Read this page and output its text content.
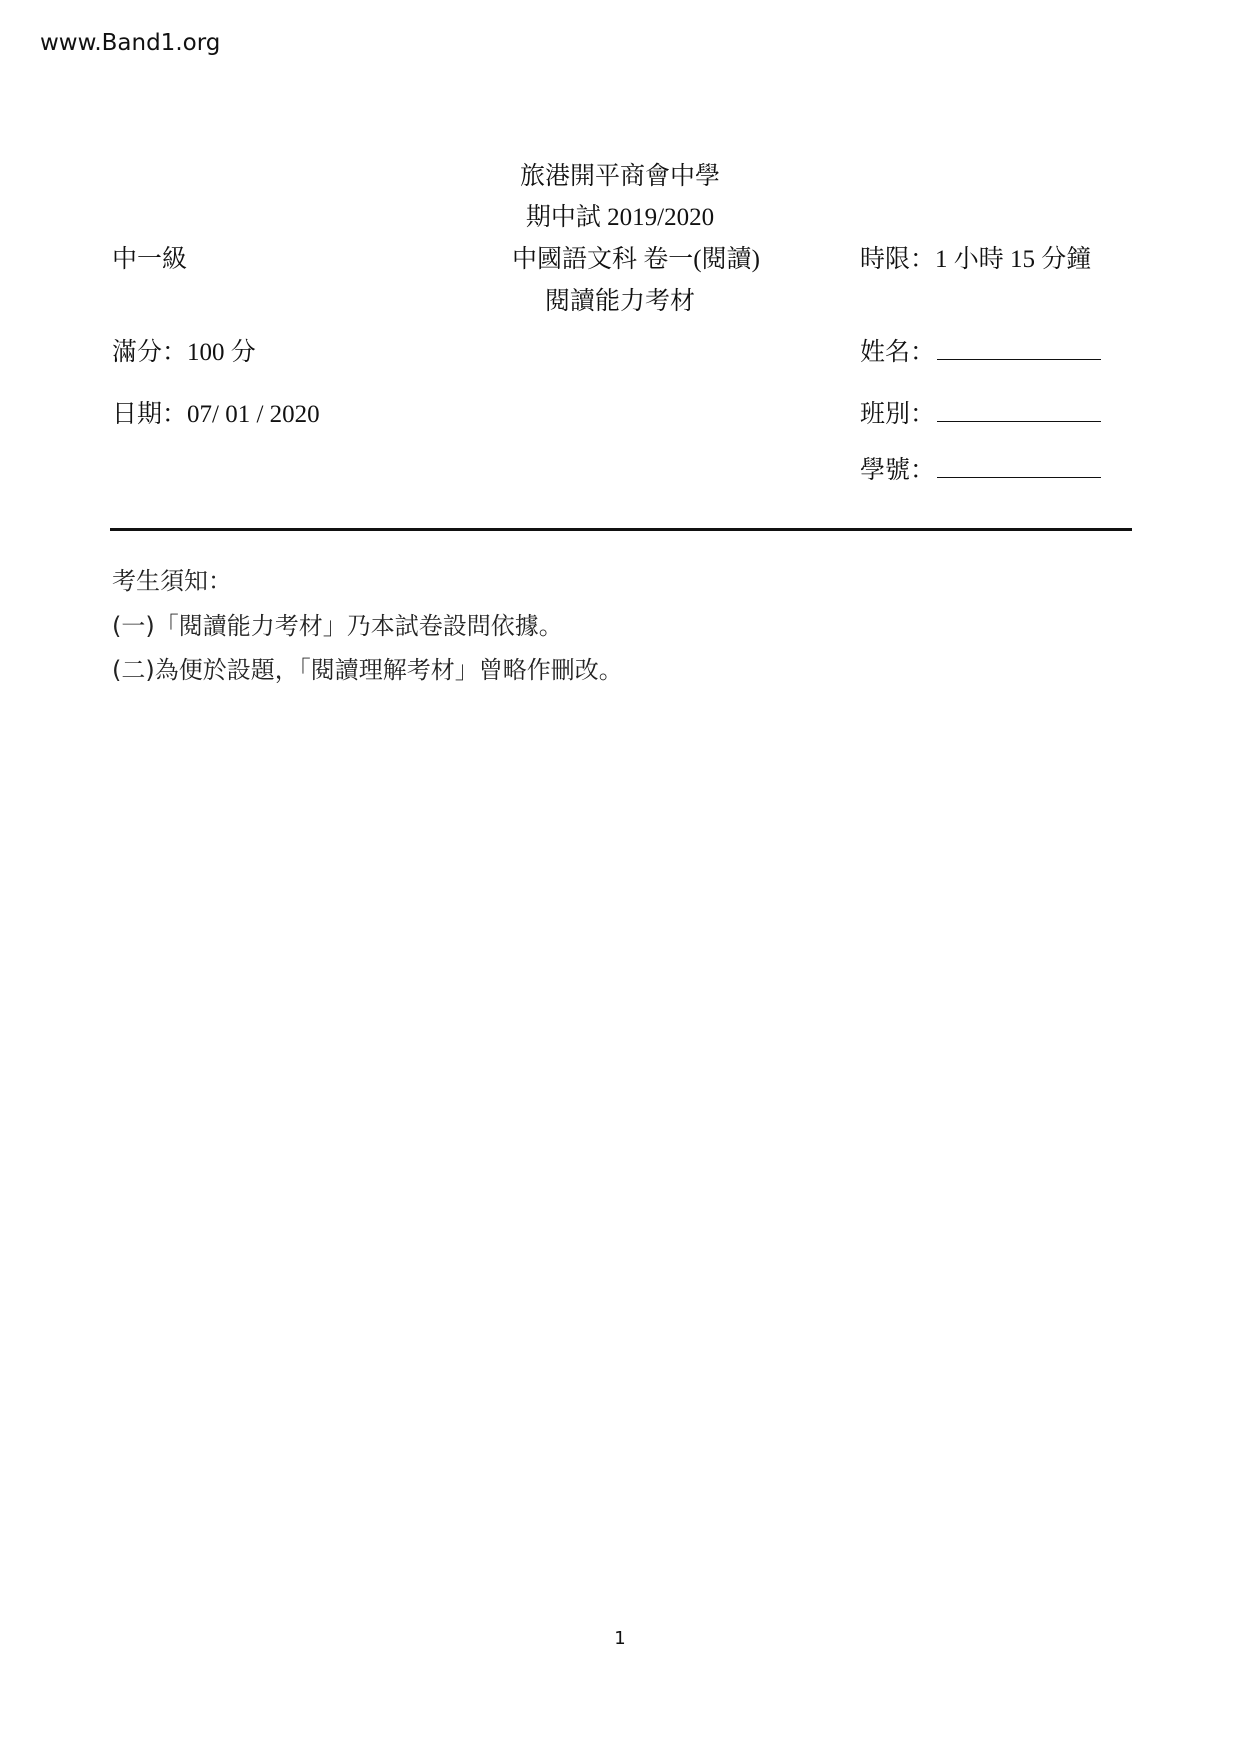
www.Band1.org
旅港開平商會中學
期中試 2019/2020
中一級	中國語文科 卷一(閱讀)	時限：1 小時 15 分鐘
閱讀能力考材
滿分：100 分	姓名：
日期：07/ 01 / 2020	班別：
學號：
考生須知：
(一)「閱讀能力考材」乃本試卷設問依據。
(二)為便於設題，「閱讀理解考材」曾略作刪改。
1
